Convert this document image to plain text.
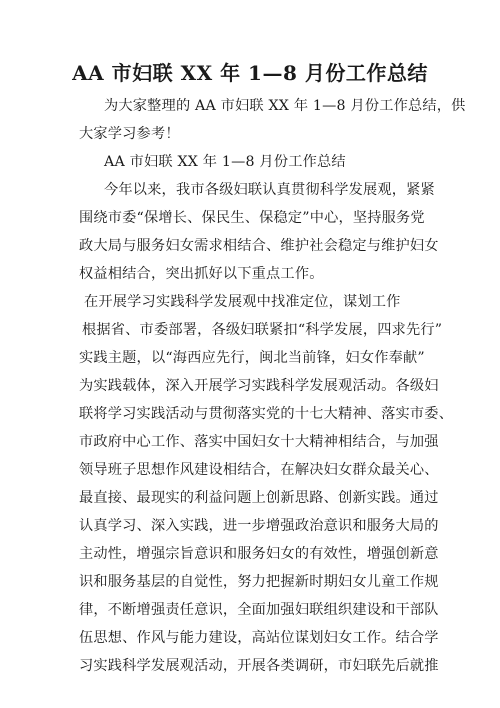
AA 市妇联 XX 年 1—8 月份工作总结
为大家整理的 AA 市妇联 XX 年 1—8 月份工作总结，供
大家学习参考！
AA 市妇联 XX 年 1—8 月份工作总结
今年以来，我市各级妇联认真贯彻科学发展观，紧紧
围绕市委“保增长、保民生、保稳定”中心，坚持服务党
政大局与服务妇女需求相结合、维护社会稳定与维护妇女
权益相结合，突出抓好以下重点工作。
在开展学习实践科学发展观中找准定位，谋划工作
根据省、市委部署，各级妇联紧扣“科学发展，四求先行”
实践主题，以“海西应先行，闽北当前锋，妇女作奉献”
为实践载体，深入开展学习实践科学发展观活动。各级妇
联将学习实践活动与贯彻落实党的十七大精神、落实市委、
市政府中心工作、落实中国妇女十大精神相结合，与加强
领导班子思想作风建设相结合，在解决妇女群众最关心、
最直接、最现实的利益问题上创新思路、创新实践。通过
认真学习、深入实践，进一步增强政治意识和服务大局的
主动性，增强宗旨意识和服务妇女的有效性，增强创新意
识和服务基层的自觉性，努力把握新时期妇女儿童工作规
律，不断增强责任意识，全面加强妇联组织建设和干部队
伍思想、作风与能力建设，高站位谋划妇女工作。结合学
习实践科学发展观活动，开展各类调研，市妇联先后就推
